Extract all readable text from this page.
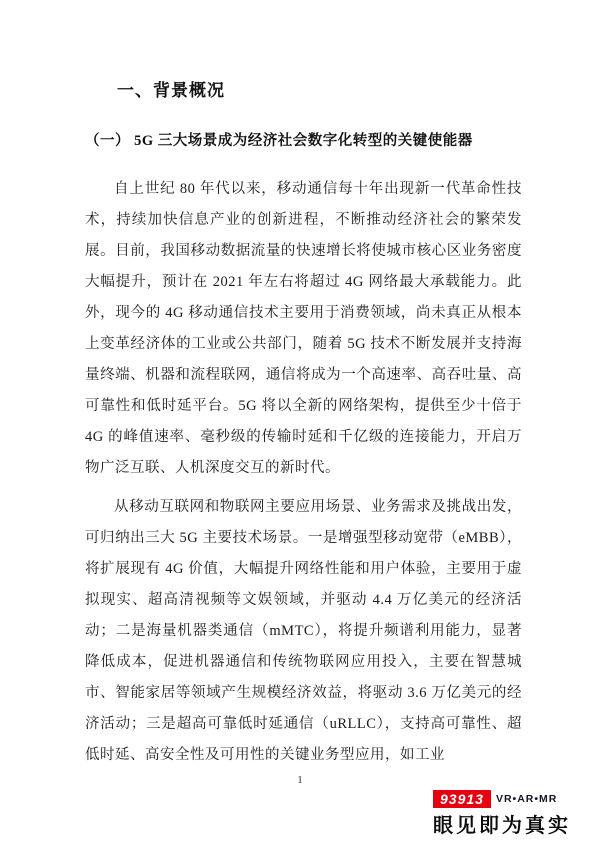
一、背景概况
（一） 5G 三大场景成为经济社会数字化转型的关键使能器

自上世纪 80 年代以来，移动通信每十年出现新一代革命性技术，持续加快信息产业的创新进程，不断推动经济社会的繁荣发展。目前，我国移动数据流量的快速增长将使城市核心区业务密度大幅提升，预计在 2021 年左右将超过 4G 网络最大承载能力。此外，现今的 4G 移动通信技术主要用于消费领域，尚未真正从根本上变革经济体的工业或公共部门，随着 5G 技术不断发展并支持海量终端、机器和流程联网，通信将成为一个高速率、高吞吐量、高可靠性和低时延平台。5G 将以全新的网络架构，提供至少十倍于 4G 的峰值速率、毫秒级的传输时延和千亿级的连接能力，开启万物广泛互联、人机深度交互的新时代。

从移动互联网和物联网主要应用场景、业务需求及挑战出发，可归纳出三大 5G 主要技术场景。一是增强型移动宽带（eMBB），将扩展现有 4G 价值，大幅提升网络性能和用户体验，主要用于虚拟现实、超高清视频等文娱领域，并驱动 4.4 万亿美元的经济活动；二是海量机器类通信（mMTC），将提升频谱利用能力，显著降低成本，促进机器通信和传统物联网应用投入，主要在智慧城市、智能家居等领域产生规模经济效益，将驱动 3.6 万亿美元的经济活动；三是超高可靠低时延通信（uRLLC），支持高可靠性、超低时延、高安全性及可用性的关键业务型应用，如工业

1
93913	VR•AR•MR
眼见即为真实
